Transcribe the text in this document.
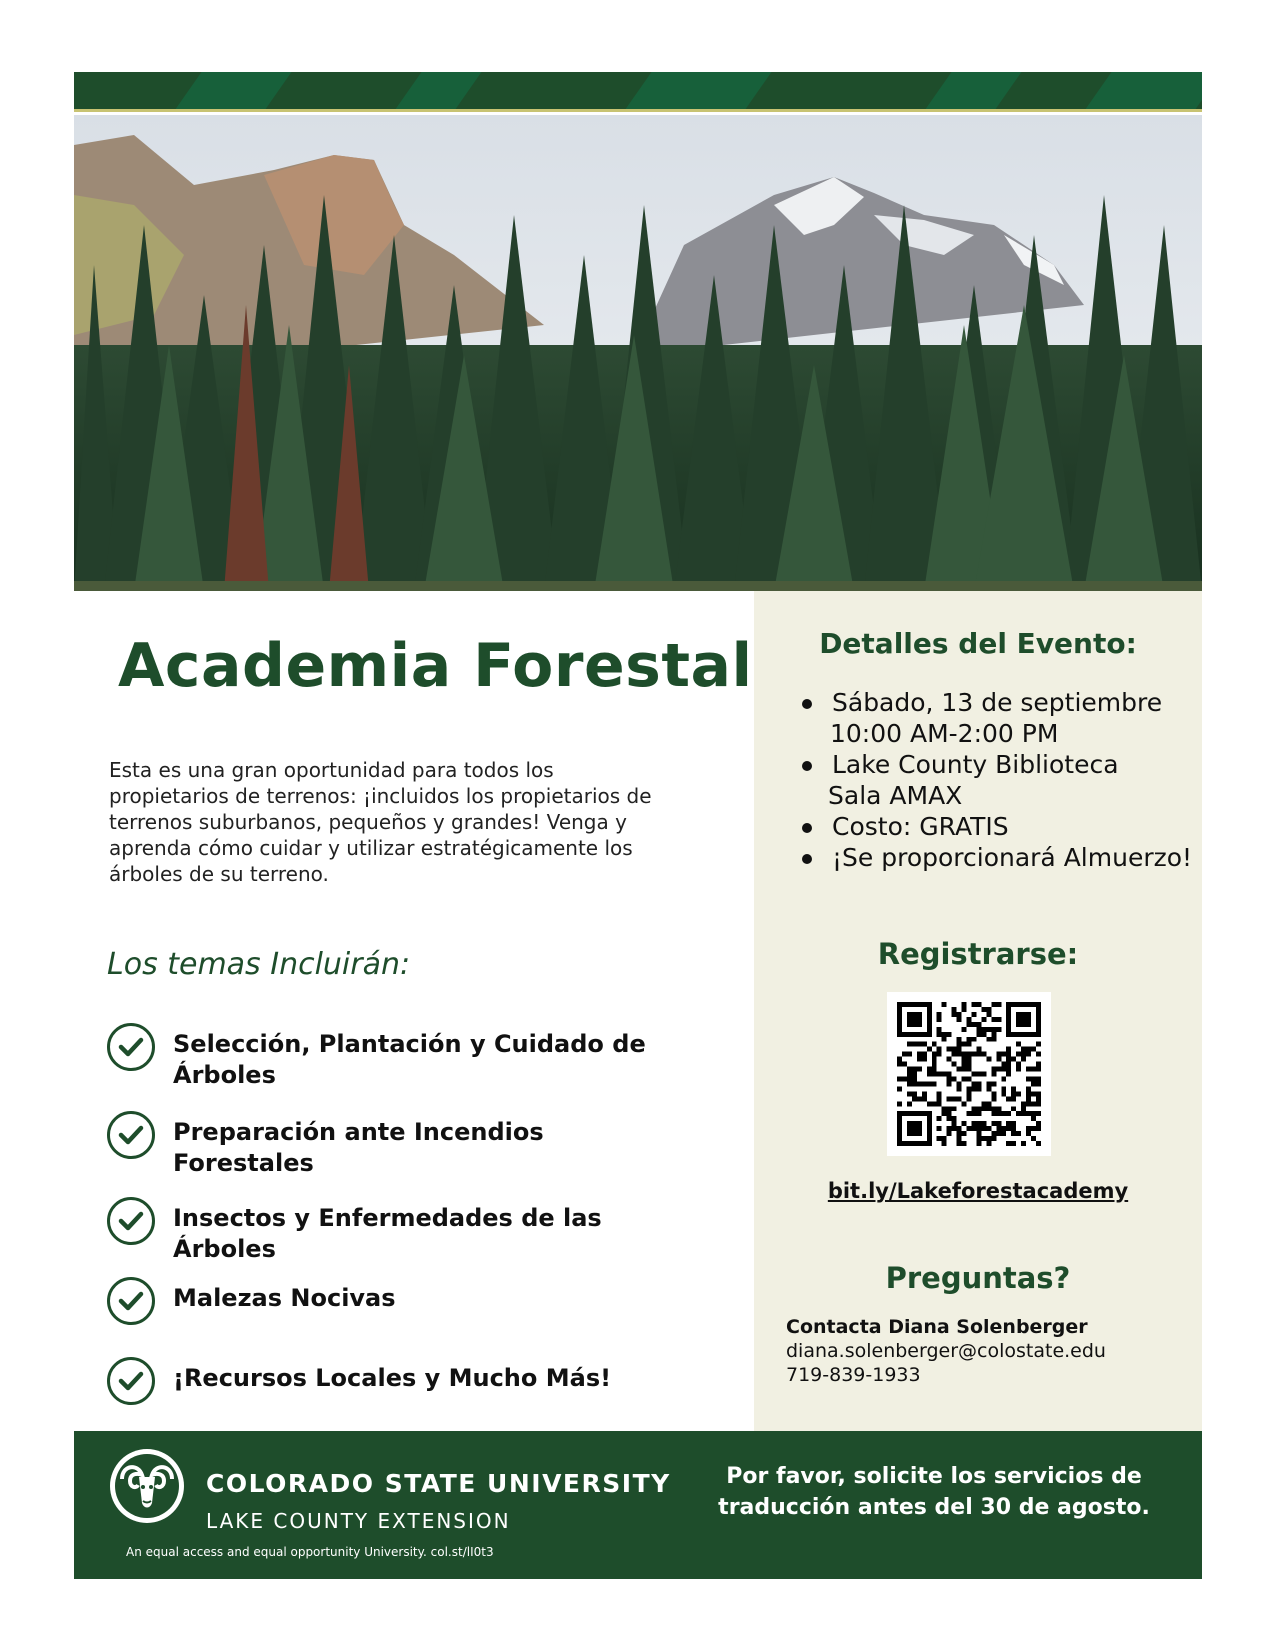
Academia Forestal
Esta es una gran oportunidad para todos los propietarios de terrenos: ¡incluidos los propietarios de terrenos suburbanos, pequeños y grandes! Venga y aprenda cómo cuidar y utilizar estratégicamente los árboles de su terreno.
Los temas Incluirán:
Selección, Plantación y Cuidado de Árboles
Preparación ante Incendios Forestales
Insectos y Enfermedades de las Árboles
Malezas Nocivas
¡Recursos Locales y Mucho Más!
Detalles del Evento:
Sábado, 13 de septiembre
10:00 AM-2:00 PM
Lake County Biblioteca
Sala AMAX
Costo: GRATIS
¡Se proporcionará Almuerzo!
Registrarse:
bit.ly/Lakeforestacademy
Preguntas?
Contacta Diana Solenberger
diana.solenberger@colostate.edu
719-839-1933
COLORADO STATE UNIVERSITY
LAKE COUNTY EXTENSION
An equal access and equal opportunity University. col.st/lI0t3
Por favor, solicite los servicios de traducción antes del 30 de agosto.
